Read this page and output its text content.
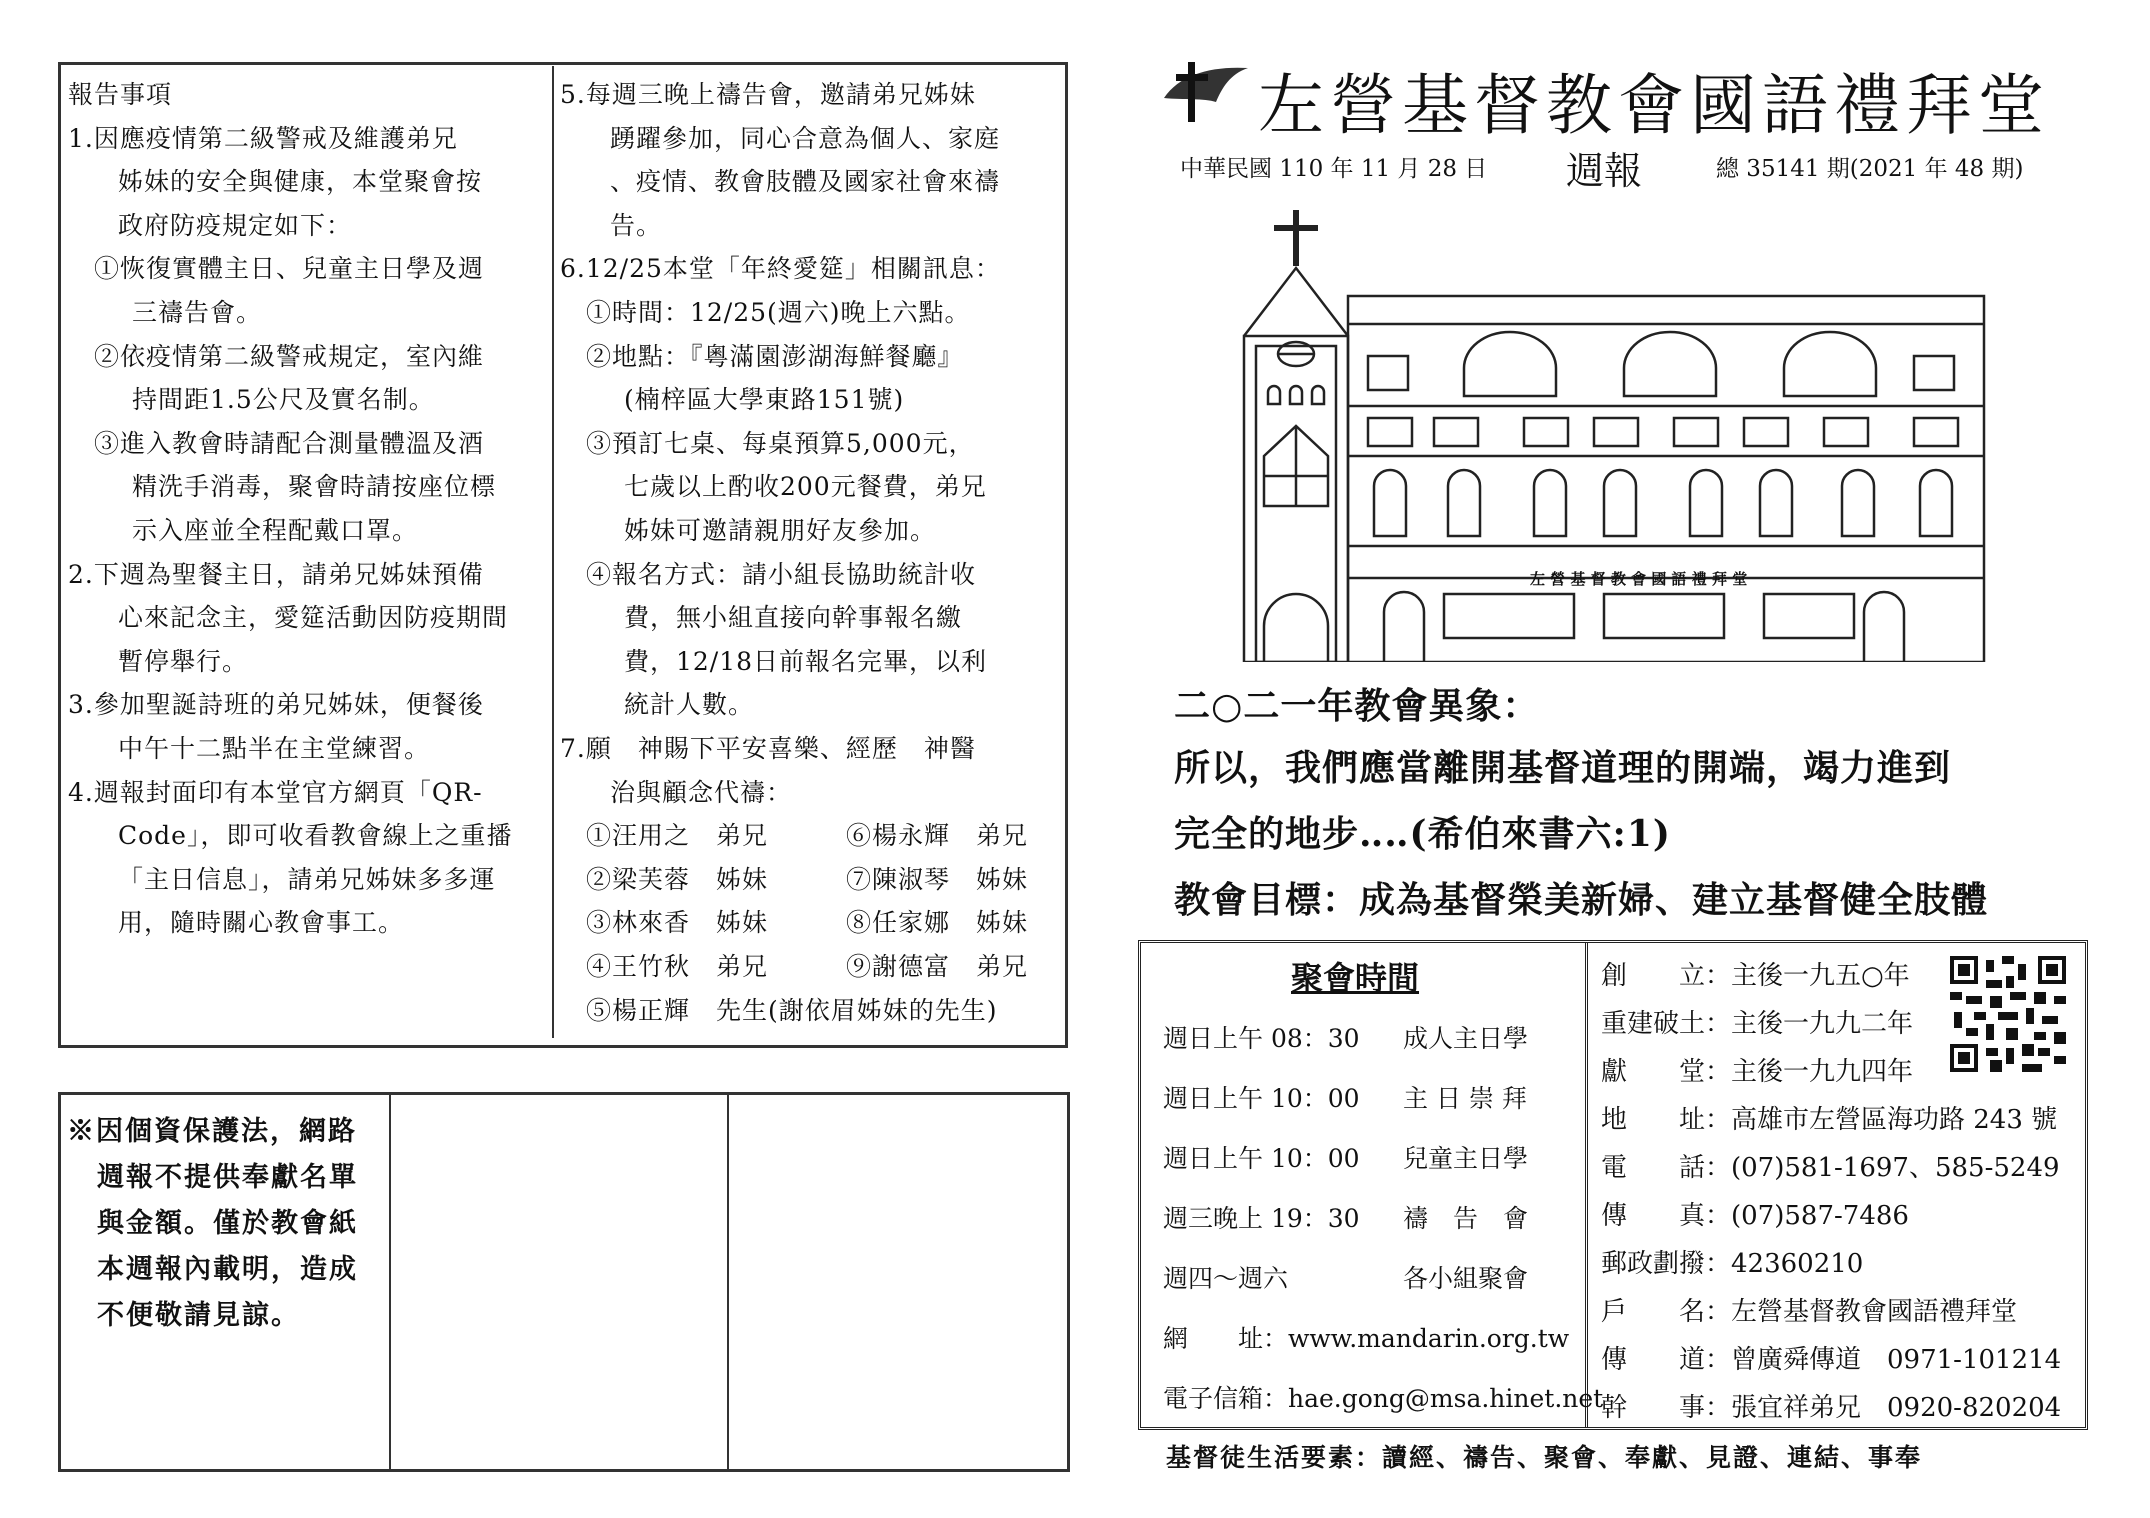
報告事項
1.因應疫情第二級警戒及維護弟兄
姊妹的安全與健康，本堂聚會按
政府防疫規定如下：
①恢復實體主日、兒童主日學及週
三禱告會。
②依疫情第二級警戒規定，室內維
持間距1.5公尺及實名制。
③進入教會時請配合測量體溫及酒
精洗手消毒，聚會時請按座位標
示入座並全程配戴口罩。
2.下週為聖餐主日，請弟兄姊妹預備
心來記念主，愛筵活動因防疫期間
暫停舉行。
3.參加聖誕詩班的弟兄姊妹，便餐後
中午十二點半在主堂練習。
4.週報封面印有本堂官方網頁「QR-
Code」，即可收看教會線上之重播
「主日信息」，請弟兄姊妹多多運
用，隨時關心教會事工。
5.每週三晚上禱告會，邀請弟兄姊妹
踴躍參加，同心合意為個人、家庭
、疫情、教會肢體及國家社會來禱
告。
6.12/25本堂「年終愛筵」相關訊息：
①時間：12/25(週六)晚上六點。
②地點：『粵滿園澎湖海鮮餐廳』
(楠梓區大學東路151號)
③預訂七桌、每桌預算5,000元，
七歲以上酌收200元餐費，弟兄
姊妹可邀請親朋好友參加。
④報名方式：請小組長協助統計收
費，無小組直接向幹事報名繳
費，12/18日前報名完畢，以利
統計人數。
7.願　神賜下平安喜樂、經歷　神醫
治與顧念代禱：
①汪用之　弟兄　　　⑥楊永輝　弟兄
②梁芙蓉　姊妹　　　⑦陳淑琴　姊妹
③林來香　姊妹　　　⑧任家娜　姊妹
④王竹秋　弟兄　　　⑨謝德富　弟兄
⑤楊正輝　先生(謝依眉姊妹的先生)
※因個資保護法，網路
週報不提供奉獻名單
與金額。僅於教會紙
本週報內載明，造成
不便敬請見諒。
左營基督教會國語禮拜堂
中華民國 110 年 11 月 28 日 週報	總 35141 期(2021 年 48 期)
左 營 基 督 教 會 國 語 禮 拜 堂
二○二一年教會異象：
所以，我們應當離開基督道理的開端，竭力進到
完全的地步‥‥(希伯來書六:1)
教會目標：成為基督榮美新婦、建立基督健全肢體
聚會時間
週日上午 08：30 成人主日學
週日上午 10：00 主 日 崇 拜
週日上午 10：00 兒童主日學
週三晚上 19：30 禱　告　會
週四～週六	各小組聚會
網　　址：www.mandarin.org.tw
電子信箱：hae.gong@msa.hinet.net
創　　立：主後一九五○年
重建破土：主後一九九二年
獻　　堂：主後一九九四年
地　　址：高雄市左營區海功路 243 號
電　　話：(07)581-1697、585-5249
傳　　真：(07)587-7486
郵政劃撥：42360210
戶　　名：左營基督教會國語禮拜堂
傳　　道：曾廣舜傳道　0971-101214
幹　　事：張宜祥弟兄　0920-820204
基督徒生活要素：讀經、禱告、聚會、奉獻、見證、連結、事奉
